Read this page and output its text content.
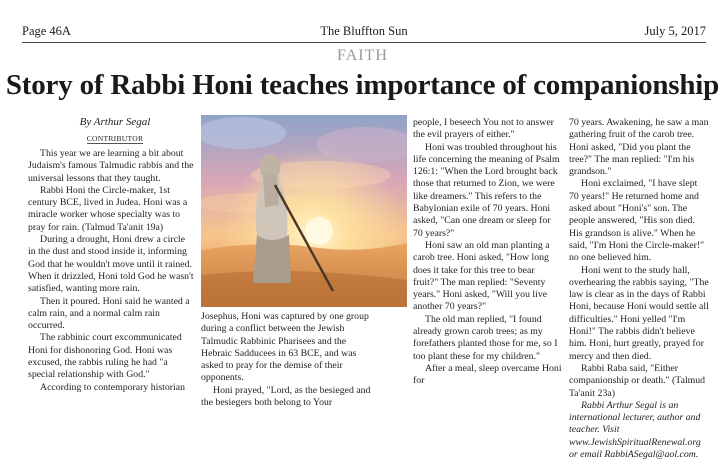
Page 46A	The Bluffton Sun	July 5, 2017
FAITH
Story of Rabbi Honi teaches importance of companionship
By Arthur Segal
CONTRIBUTOR

This year we are learning a bit about Judaism's famous Talmudic rabbis and the universal lessons that they taught.

Rabbi Honi the Circle-maker, 1st century BCE, lived in Judea. Honi was a miracle worker whose specialty was to pray for rain. (Talmud Ta'anit 19a)

During a drought, Honi drew a circle in the dust and stood inside it, informing God that he wouldn't move until it rained. When it drizzled, Honi told God he wasn't satisfied, wanting more rain.

Then it poured. Honi said he wanted a calm rain, and a normal calm rain occurred.

The rabbinic court excommunicated Honi for dishonoring God. Honi was excused, the rabbis ruling he had "a special relationship with God."

According to contemporary historian

Josephus, Honi was captured by one group during a conflict between the Jewish Talmudic Rabbinic Pharisees and the Hebraic Sadducees in 63 BCE, and was asked to pray for the demise of their opponents.

Honi prayed, "Lord, as the besieged and the besiegers both belong to Your

people, I beseech You not to answer the evil prayers of either."

Honi was troubled throughout his life concerning the meaning of Psalm 126:1: "When the Lord brought back those that returned to Zion, we were like dreamers." This refers to the Babylonian exile of 70 years. Honi asked, "Can one dream or sleep for 70 years?"

Honi saw an old man planting a carob tree. Honi asked, "How long does it take for this tree to bear fruit?" The man replied: "Seventy years." Honi asked, "Will you live another 70 years?"

The old man replied, "I found already grown carob trees; as my forefathers planted those for me, so I too plant these for my children."

After a meal, sleep overcame Honi for

70 years. Awakening, he saw a man gathering fruit of the carob tree. Honi asked, "Did you plant the tree?" The man replied: "I'm his grandson."

Honi exclaimed, "I have slept 70 years!" He returned home and asked about "Honi's" son. The people answered, "His son died. His grandson is alive." When he said, "I'm Honi the Circle-maker!" no one believed him.

Honi went to the study hall, overhearing the rabbis saying, "The law is clear as in the days of Rabbi Honi, because Honi would settle all difficulties." Honi yelled "I'm Honi!" The rabbis didn't believe him. Honi, hurt greatly, prayed for mercy and then died.

Rabbi Raba said, "Either companionship or death." (Talmud Ta'anit 23a)

Rabbi Arthur Segal is an international lecturer, author and teacher. Visit www.JewishSpiritualRenewal.org or email RabbiASegal@aol.com.
